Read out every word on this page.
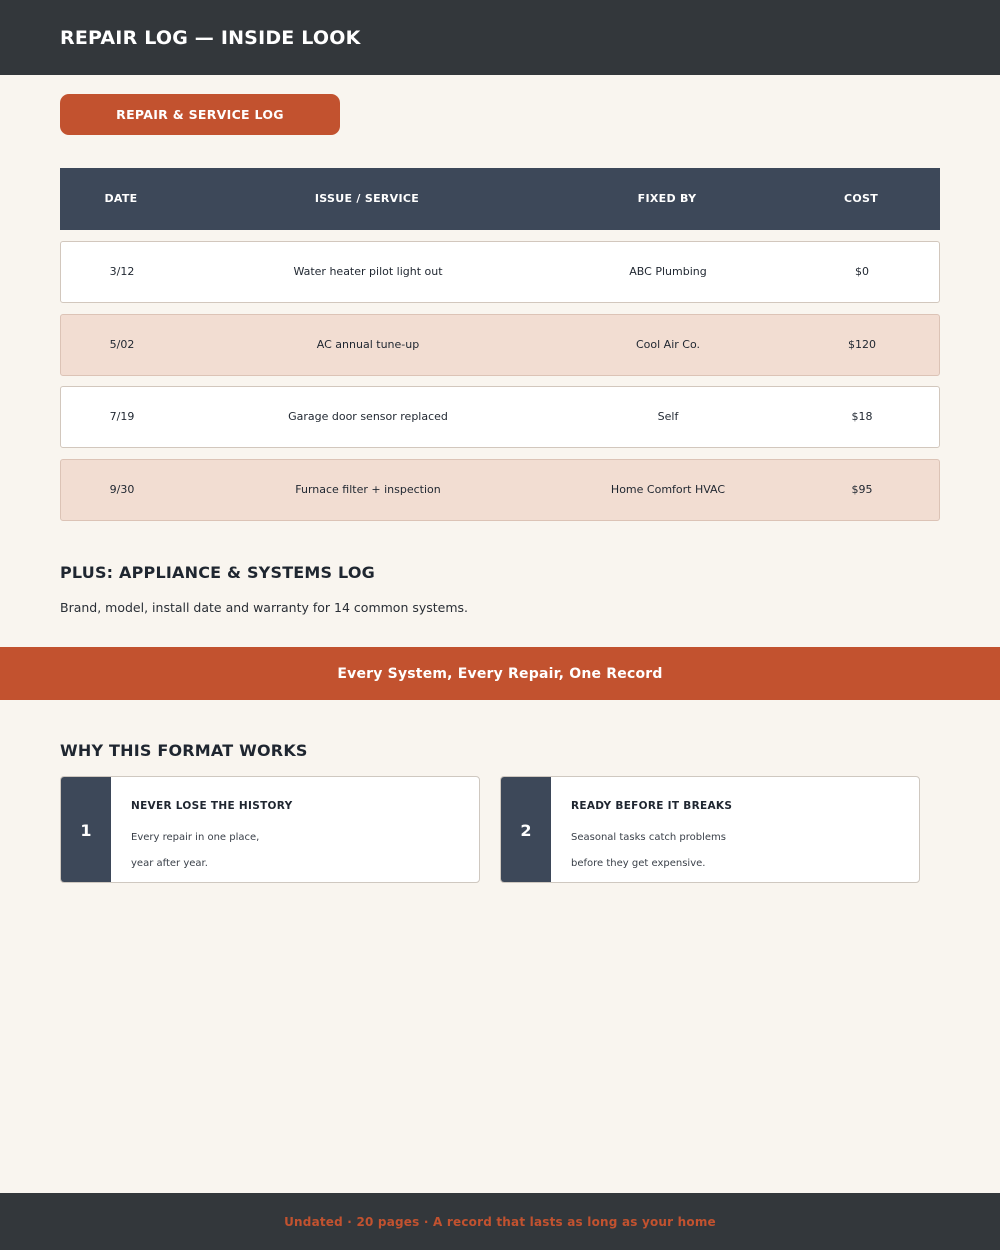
REPAIR LOG — INSIDE LOOK
REPAIR & SERVICE LOG
DATE	ISSUE / SERVICE	FIXED BY	COST
3/12	Water heater pilot light out	ABC Plumbing	$0
5/02	AC annual tune-up	Cool Air Co.	$120
7/19	Garage door sensor replaced	Self	$18
9/30	Furnace filter + inspection	Home Comfort HVAC	$95
PLUS: APPLIANCE & SYSTEMS LOG
Brand, model, install date and warranty for 14 common systems.
Every System, Every Repair, One Record
WHY THIS FORMAT WORKS
1
NEVER LOSE THE HISTORY
Every repair in one place,
year after year.
2
READY BEFORE IT BREAKS
Seasonal tasks catch problems
before they get expensive.
Undated · 20 pages · A record that lasts as long as your home
